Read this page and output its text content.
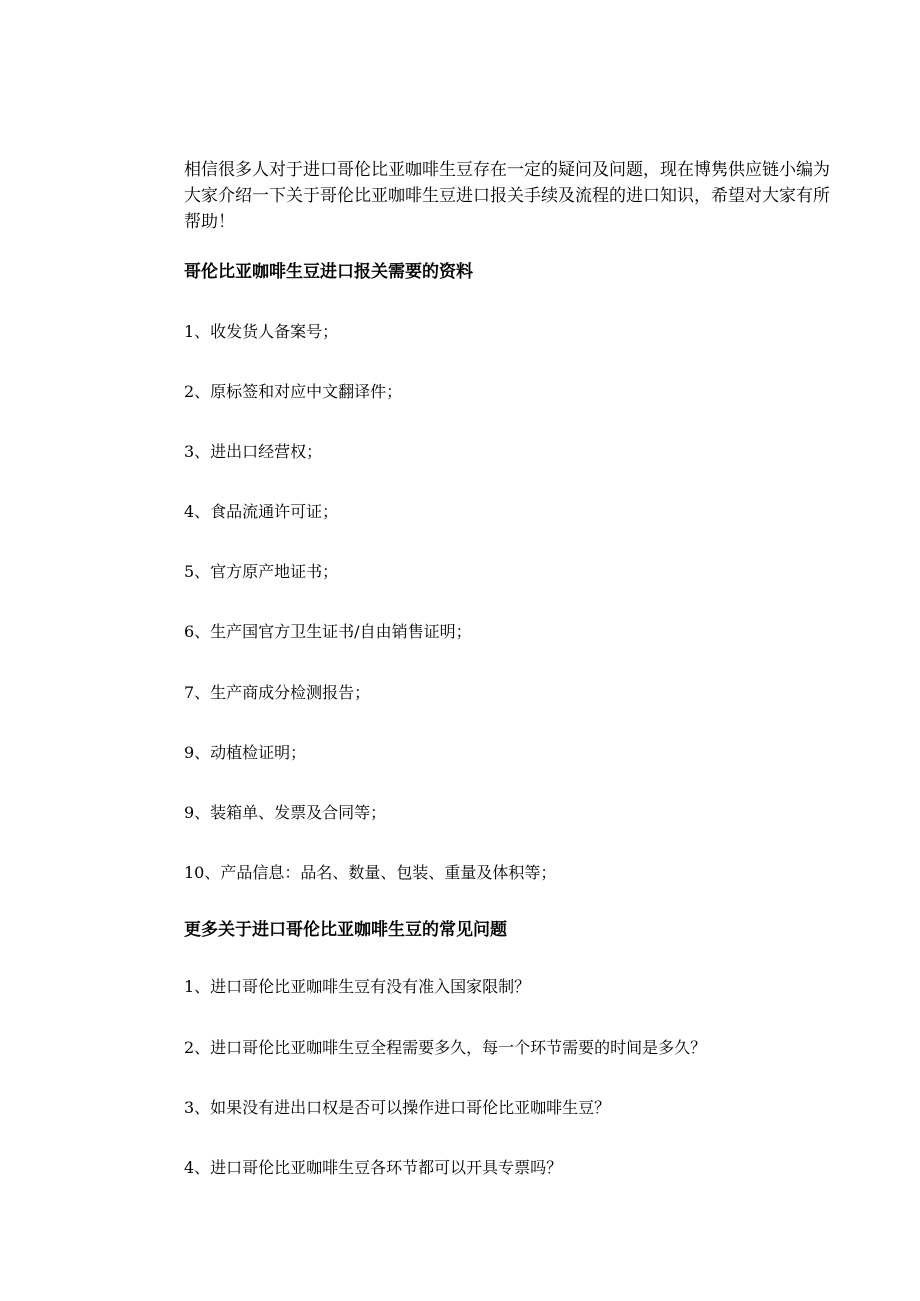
相信很多人对于进口哥伦比亚咖啡生豆存在一定的疑问及问题，现在博隽供应链小编为大家介绍一下关于哥伦比亚咖啡生豆进口报关手续及流程的进口知识，希望对大家有所帮助！

哥伦比亚咖啡生豆进口报关需要的资料

1、收发货人备案号；

2、原标签和对应中文翻译件；

3、进出口经营权；

4、食品流通许可证；

5、官方原产地证书；

6、生产国官方卫生证书/自由销售证明；

7、生产商成分检测报告；

9、动植检证明；

9、装箱单、发票及合同等；

10、产品信息：品名、数量、包装、重量及体积等；

更多关于进口哥伦比亚咖啡生豆的常见问题

1、进口哥伦比亚咖啡生豆有没有准入国家限制？

2、进口哥伦比亚咖啡生豆全程需要多久，每一个环节需要的时间是多久？

3、如果没有进出口权是否可以操作进口哥伦比亚咖啡生豆？

4、进口哥伦比亚咖啡生豆各环节都可以开具专票吗？
